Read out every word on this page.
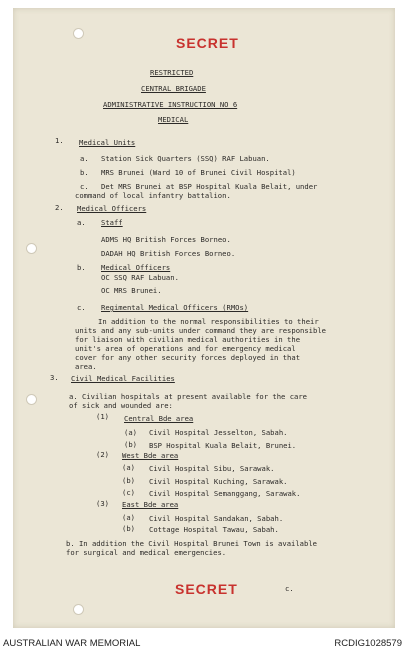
SECRET
RESTRICTED
CENTRAL BRIGADE
ADMINISTRATIVE INSTRUCTION NO 6
MEDICAL
1. Medical Units
a. Station Sick Quarters (SSQ) RAF Labuan.
b. MRS Brunei (Ward 10 of Brunei Civil Hospital)
c. Det MRS Brunei at BSP Hospital Kuala Belait, under
command of local infantry battalion.
2. Medical Officers
a. Staff
ADMS HQ British Forces Borneo.
DADAH HQ British Forces Borneo.
b. Medical Officers
OC SSQ RAF Labuan.
OC MRS Brunei.
c. Regimental Medical Officers (RMOs)
In addition to the normal responsibilities to their
units and any sub-units under command they are responsible
for liaison with civilian medical authorities in the
unit's area of operations and for emergency medical
cover for any other security forces deployed in that
area.
3. Civil Medical Facilities
a. Civilian hospitals at present available for the care
of sick and wounded are:
(1) Central Bde area
(a) Civil Hospital Jesselton, Sabah.
(b) BSP Hospital Kuala Belait, Brunei.
(2) West Bde area
(a) Civil Hospital Sibu, Sarawak.
(b) Civil Hospital Kuching, Sarawak.
(c) Civil Hospital Semanggang, Sarawak.
(3) East Bde area
(a) Civil Hospital Sandakan, Sabah.
(b) Cottage Hospital Tawau, Sabah.
b. In addition the Civil Hospital Brunei Town is available
for surgical and medical emergencies.
SECRET	c.
AUSTRALIAN WAR MEMORIAL	RCDIG1028579
